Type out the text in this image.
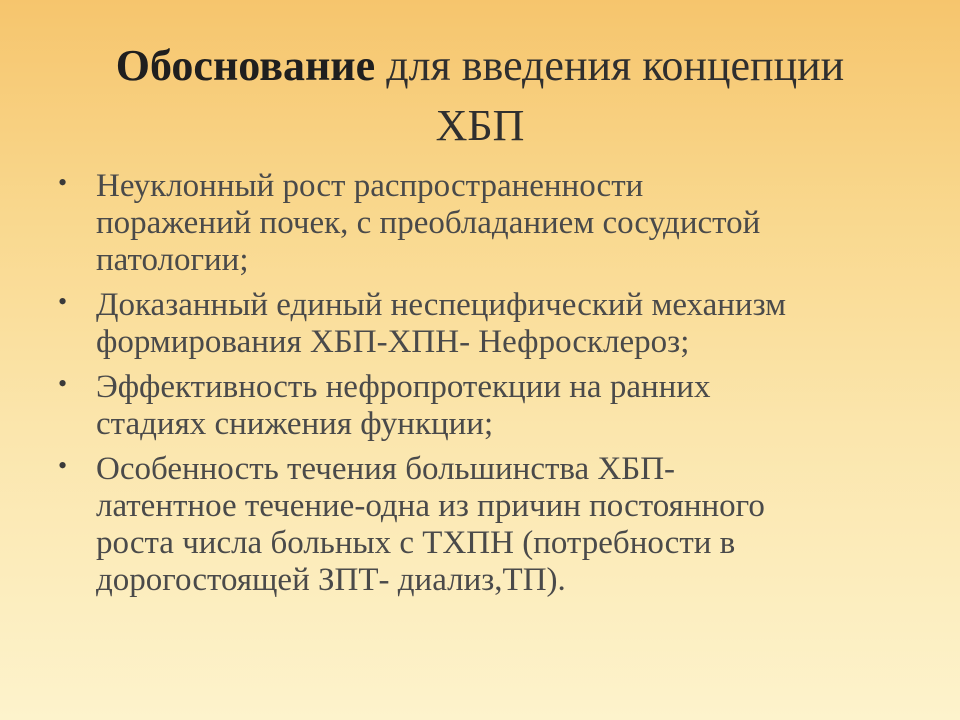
Обоснование для введения концепции
ХБП
• Неуклонный рост распространенности
поражений почек, с преобладанием сосудистой
патологии;
• Доказанный единый неспецифический механизм
формирования ХБП-ХПН- Нефросклероз;
• Эффективность нефропротекции на ранних
стадиях снижения функции;
• Особенность течения большинства ХБП-
латентное течение-одна из причин постоянного
роста числа больных с ТХПН (потребности в
дорогостоящей ЗПТ- диализ,ТП).
